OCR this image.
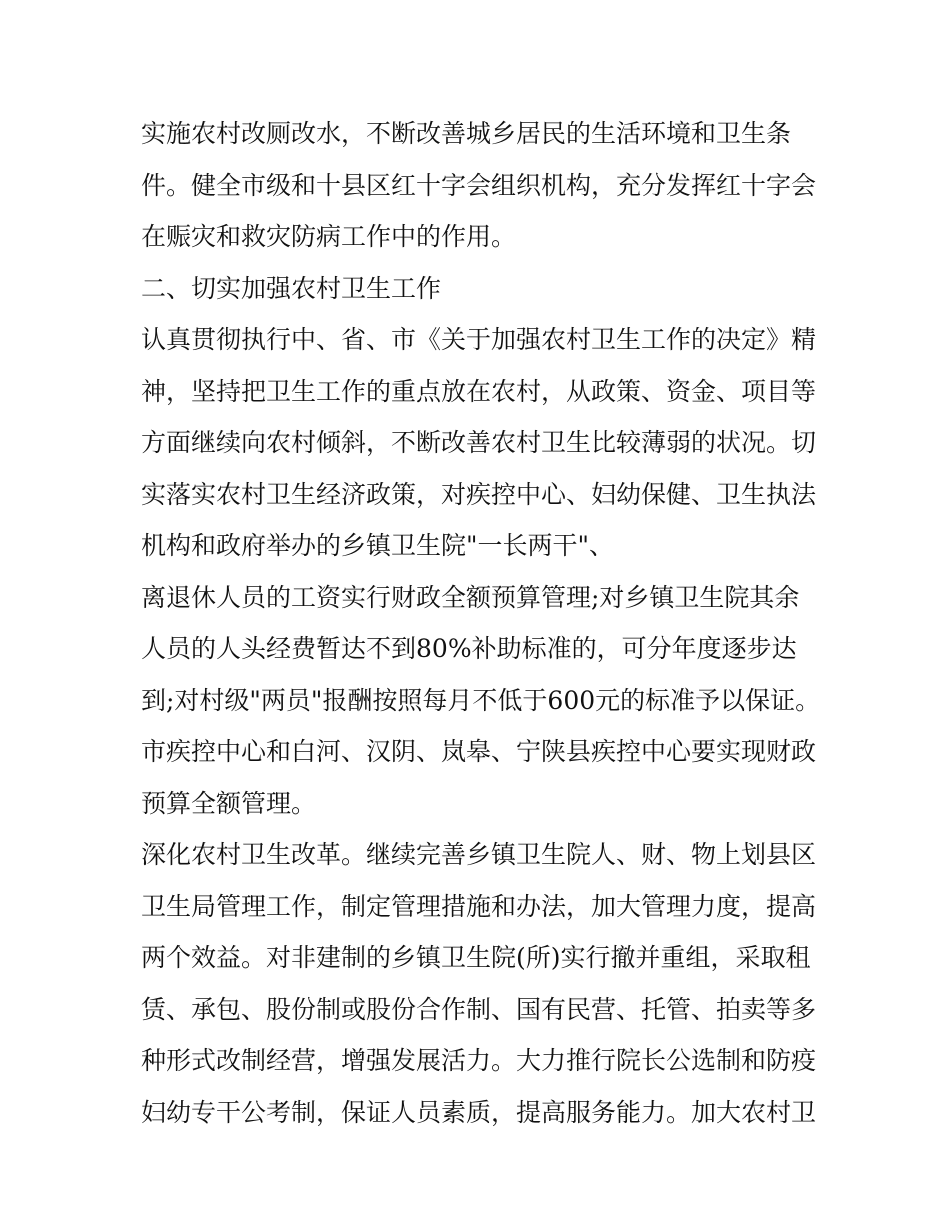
实施农村改厕改水，不断改善城乡居民的生活环境和卫生条
件。健全市级和十县区红十字会组织机构，充分发挥红十字会
在赈灾和救灾防病工作中的作用。
二、切实加强农村卫生工作
认真贯彻执行中、省、市《关于加强农村卫生工作的决定》精
神，坚持把卫生工作的重点放在农村，从政策、资金、项目等
方面继续向农村倾斜，不断改善农村卫生比较薄弱的状况。切
实落实农村卫生经济政策，对疾控中心、妇幼保健、卫生执法
机构和政府举办的乡镇卫生院"一长两干"、
离退休人员的工资实行财政全额预算管理;对乡镇卫生院其余
人员的人头经费暂达不到80%补助标准的，可分年度逐步达
到;对村级"两员"报酬按照每月不低于600元的标准予以保证。
市疾控中心和白河、汉阴、岚皋、宁陕县疾控中心要实现财政
预算全额管理。
深化农村卫生改革。继续完善乡镇卫生院人、财、物上划县区
卫生局管理工作，制定管理措施和办法，加大管理力度，提高
两个效益。对非建制的乡镇卫生院(所)实行撤并重组，采取租
赁、承包、股份制或股份合作制、国有民营、托管、拍卖等多
种形式改制经营，增强发展活力。大力推行院长公选制和防疫
妇幼专干公考制，保证人员素质，提高服务能力。加大农村卫
